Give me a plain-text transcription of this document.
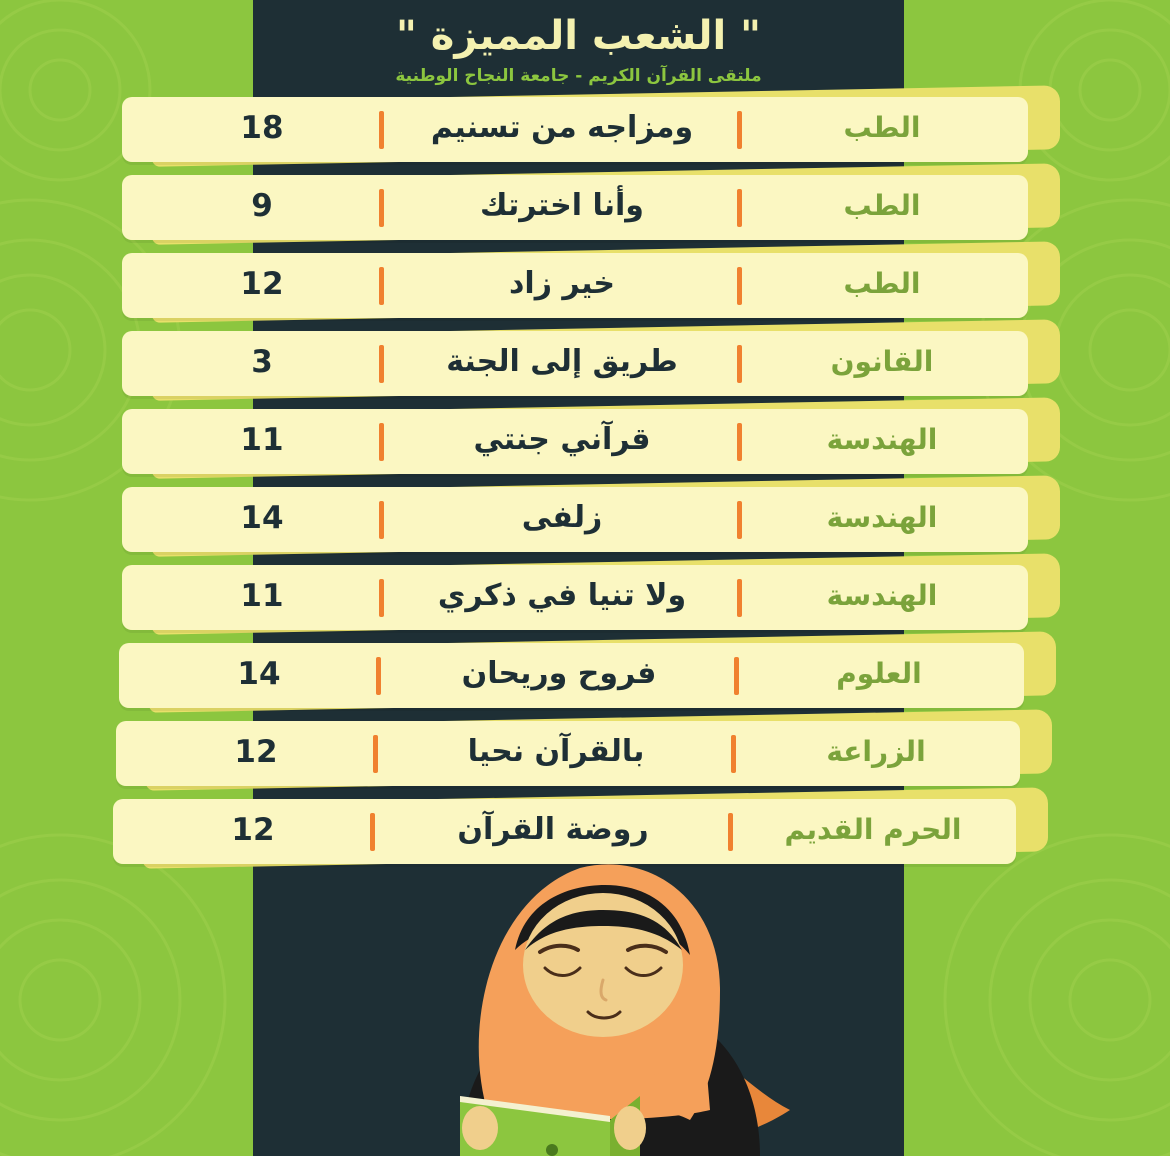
" الشعب المميزة "
ملتقى القرآن الكريم - جامعة النجاح الوطنية
18	ومزاجه من تسنيم	الطب
9	وأنا اخترتك	الطب
12	خير زاد	الطب
3	طريق إلى الجنة	القانون
11	قرآني جنتي	الهندسة
14	زلفى	الهندسة
11	ولا تنيا في ذكري	الهندسة
14	فروح وريحان	العلوم
12	بالقرآن نحيا	الزراعة
12	روضة القرآن	الحرم القديم
